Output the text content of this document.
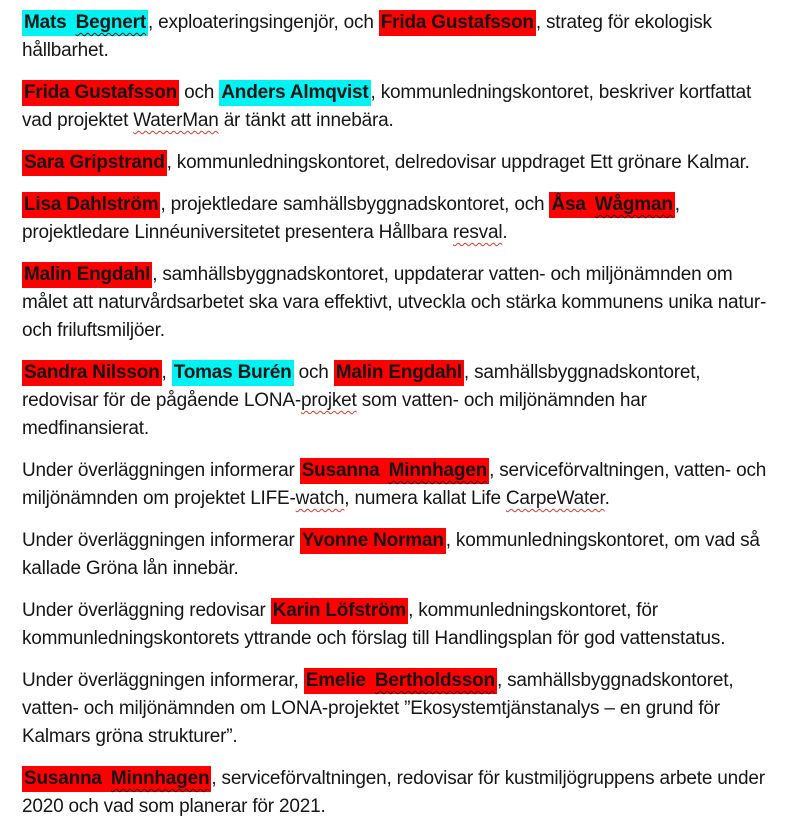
Mats Begnert , exploateringsingenjör, och Frida Gustafsson , strateg för ekologisk hållbarhet.

Frida Gustafsson och Anders Almqvist , kommunledningskontoret, beskriver kortfattat vad projektet WaterMan är tänkt att innebära.

Sara Gripstrand , kommunledningskontoret, delredovisar uppdraget Ett grönare Kalmar.

Lisa Dahlström , projektledare samhällsbyggnadskontoret, och Åsa Wågman , projektledare Linnéuniversitetet presentera Hållbara resval.

Malin Engdahl , samhällsbyggnadskontoret, uppdaterar vatten- och miljönämnden om målet att naturvårdsarbetet ska vara effektivt, utveckla och stärka kommunens unika natur- och friluftsmiljöer.

Sandra Nilsson , Tomas Burén och Malin Engdahl , samhällsbyggnadskontoret, redovisar för de pågående LONA-projket som vatten- och miljönämnden har medfinansierat.

Under överläggningen informerar Susanna Minnhagen , serviceförvaltningen, vatten- och miljönämnden om projektet LIFE-watch, numera kallat Life CarpeWater.

Under överläggningen informerar Yvonne Norman , kommunledningskontoret, om vad så kallade Gröna lån innebär.

Under överläggning redovisar Karin Löfström , kommunledningskontoret, för kommunledningskontorets yttrande och förslag till Handlingsplan för god vattenstatus.

Under överläggningen informerar, Emelie Bertholdsson , samhällsbyggnadskontoret, vatten- och miljönämnden om LONA-projektet ”Ekosystemtjänstanalys – en grund för Kalmars gröna strukturer”.

Susanna Minnhagen , serviceförvaltningen, redovisar för kustmiljögruppens arbete under 2020 och vad som planerar för 2021.
